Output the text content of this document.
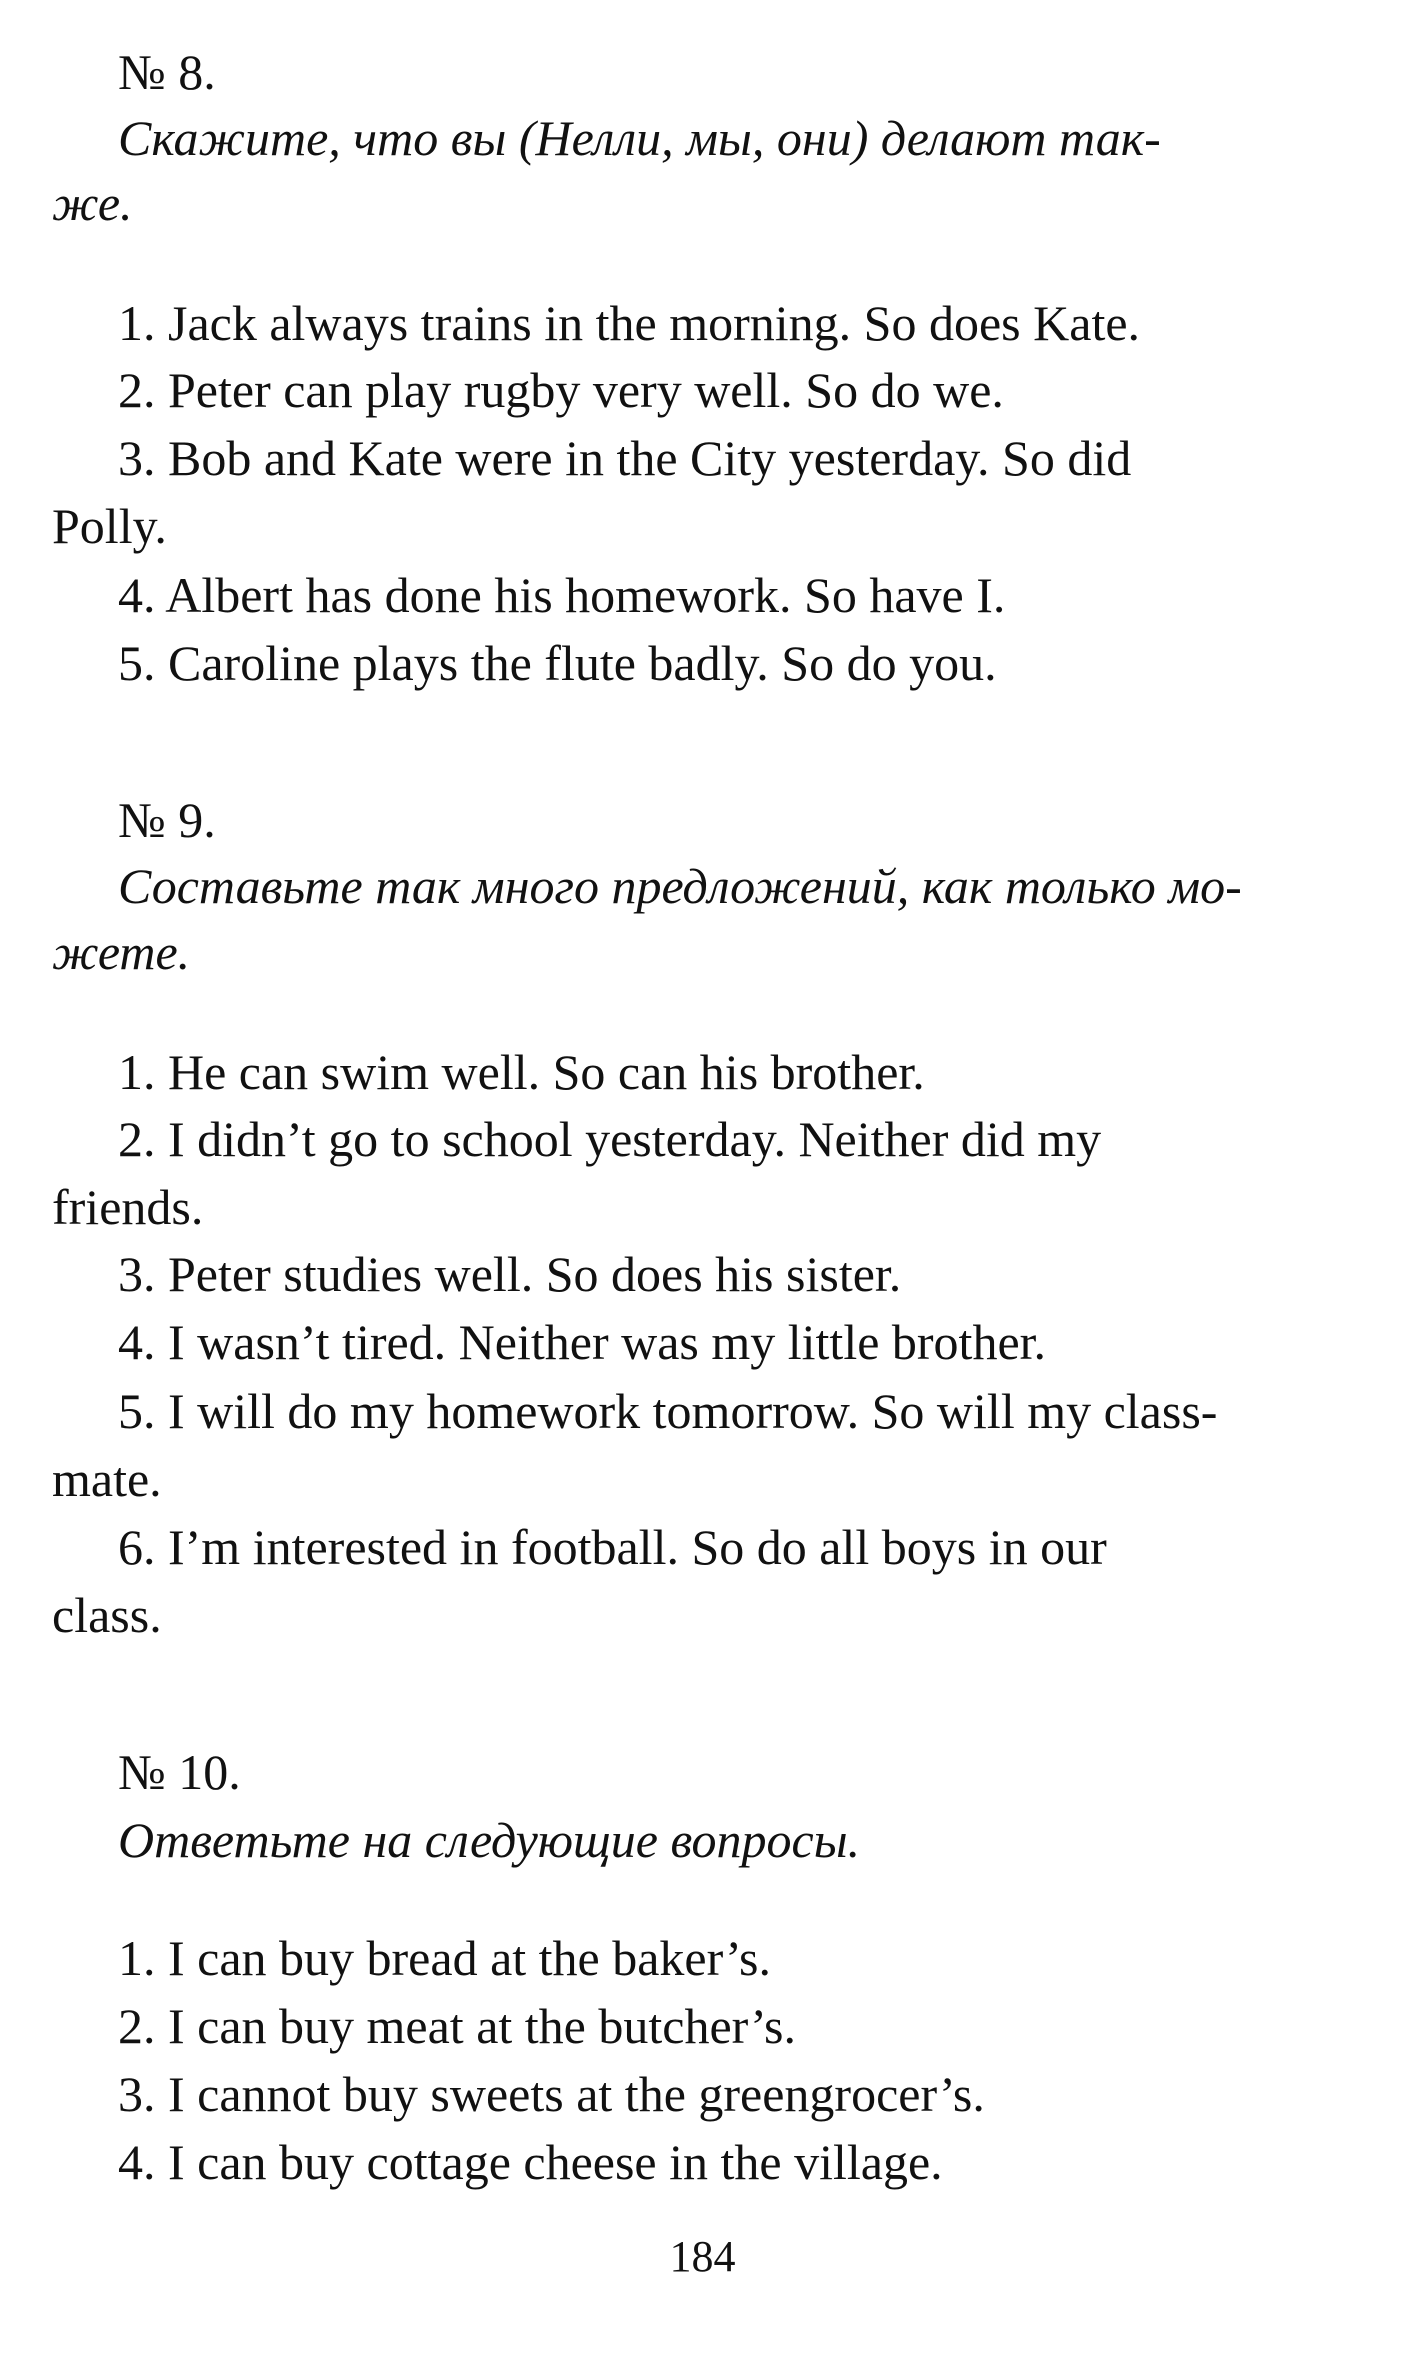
№ 8.
Скажите, что вы (Нелли, мы, они) делают так-
же.
1. Jack always trains in the morning. So does Kate.
2. Peter can play rugby very well. So do we.
3. Bob and Kate were in the City yesterday. So did
Polly.
4. Albert has done his homework. So have I.
5. Caroline plays the flute badly. So do you.
№ 9.
Составьте так много предложений, как только мо-
жете.
1. He can swim well. So can his brother.
2. I didn’t go to school yesterday. Neither did my
friends.
3. Peter studies well. So does his sister.
4. I wasn’t tired. Neither was my little brother.
5. I will do my homework tomorrow. So will my class-
mate.
6. I’m interested in football. So do all boys in our
class.
№ 10.
Ответьте на следующие вопросы.
1. I can buy bread at the baker’s.
2. I can buy meat at the butcher’s.
3. I cannot buy sweets at the greengrocer’s.
4. I can buy cottage cheese in the village.
184
